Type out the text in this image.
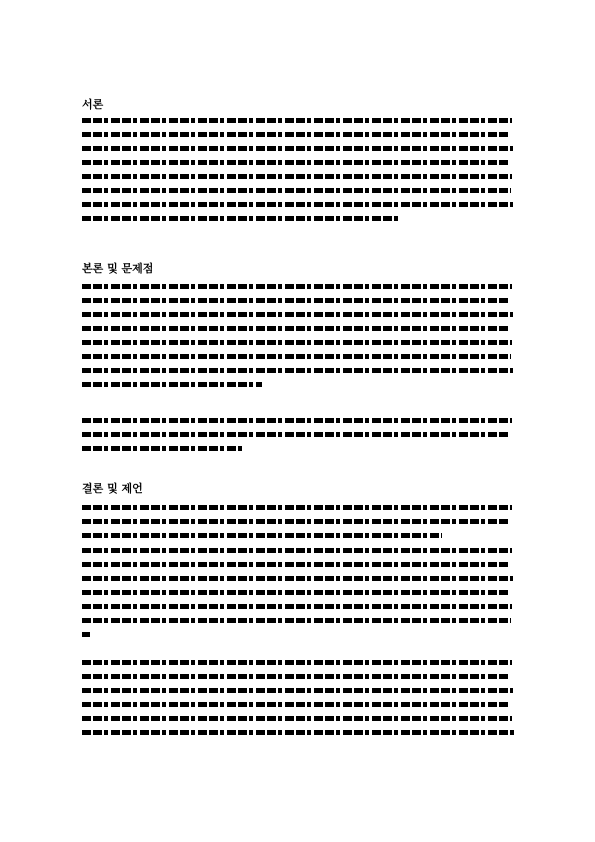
서론
본론 및 문제점
결론 및 제언
